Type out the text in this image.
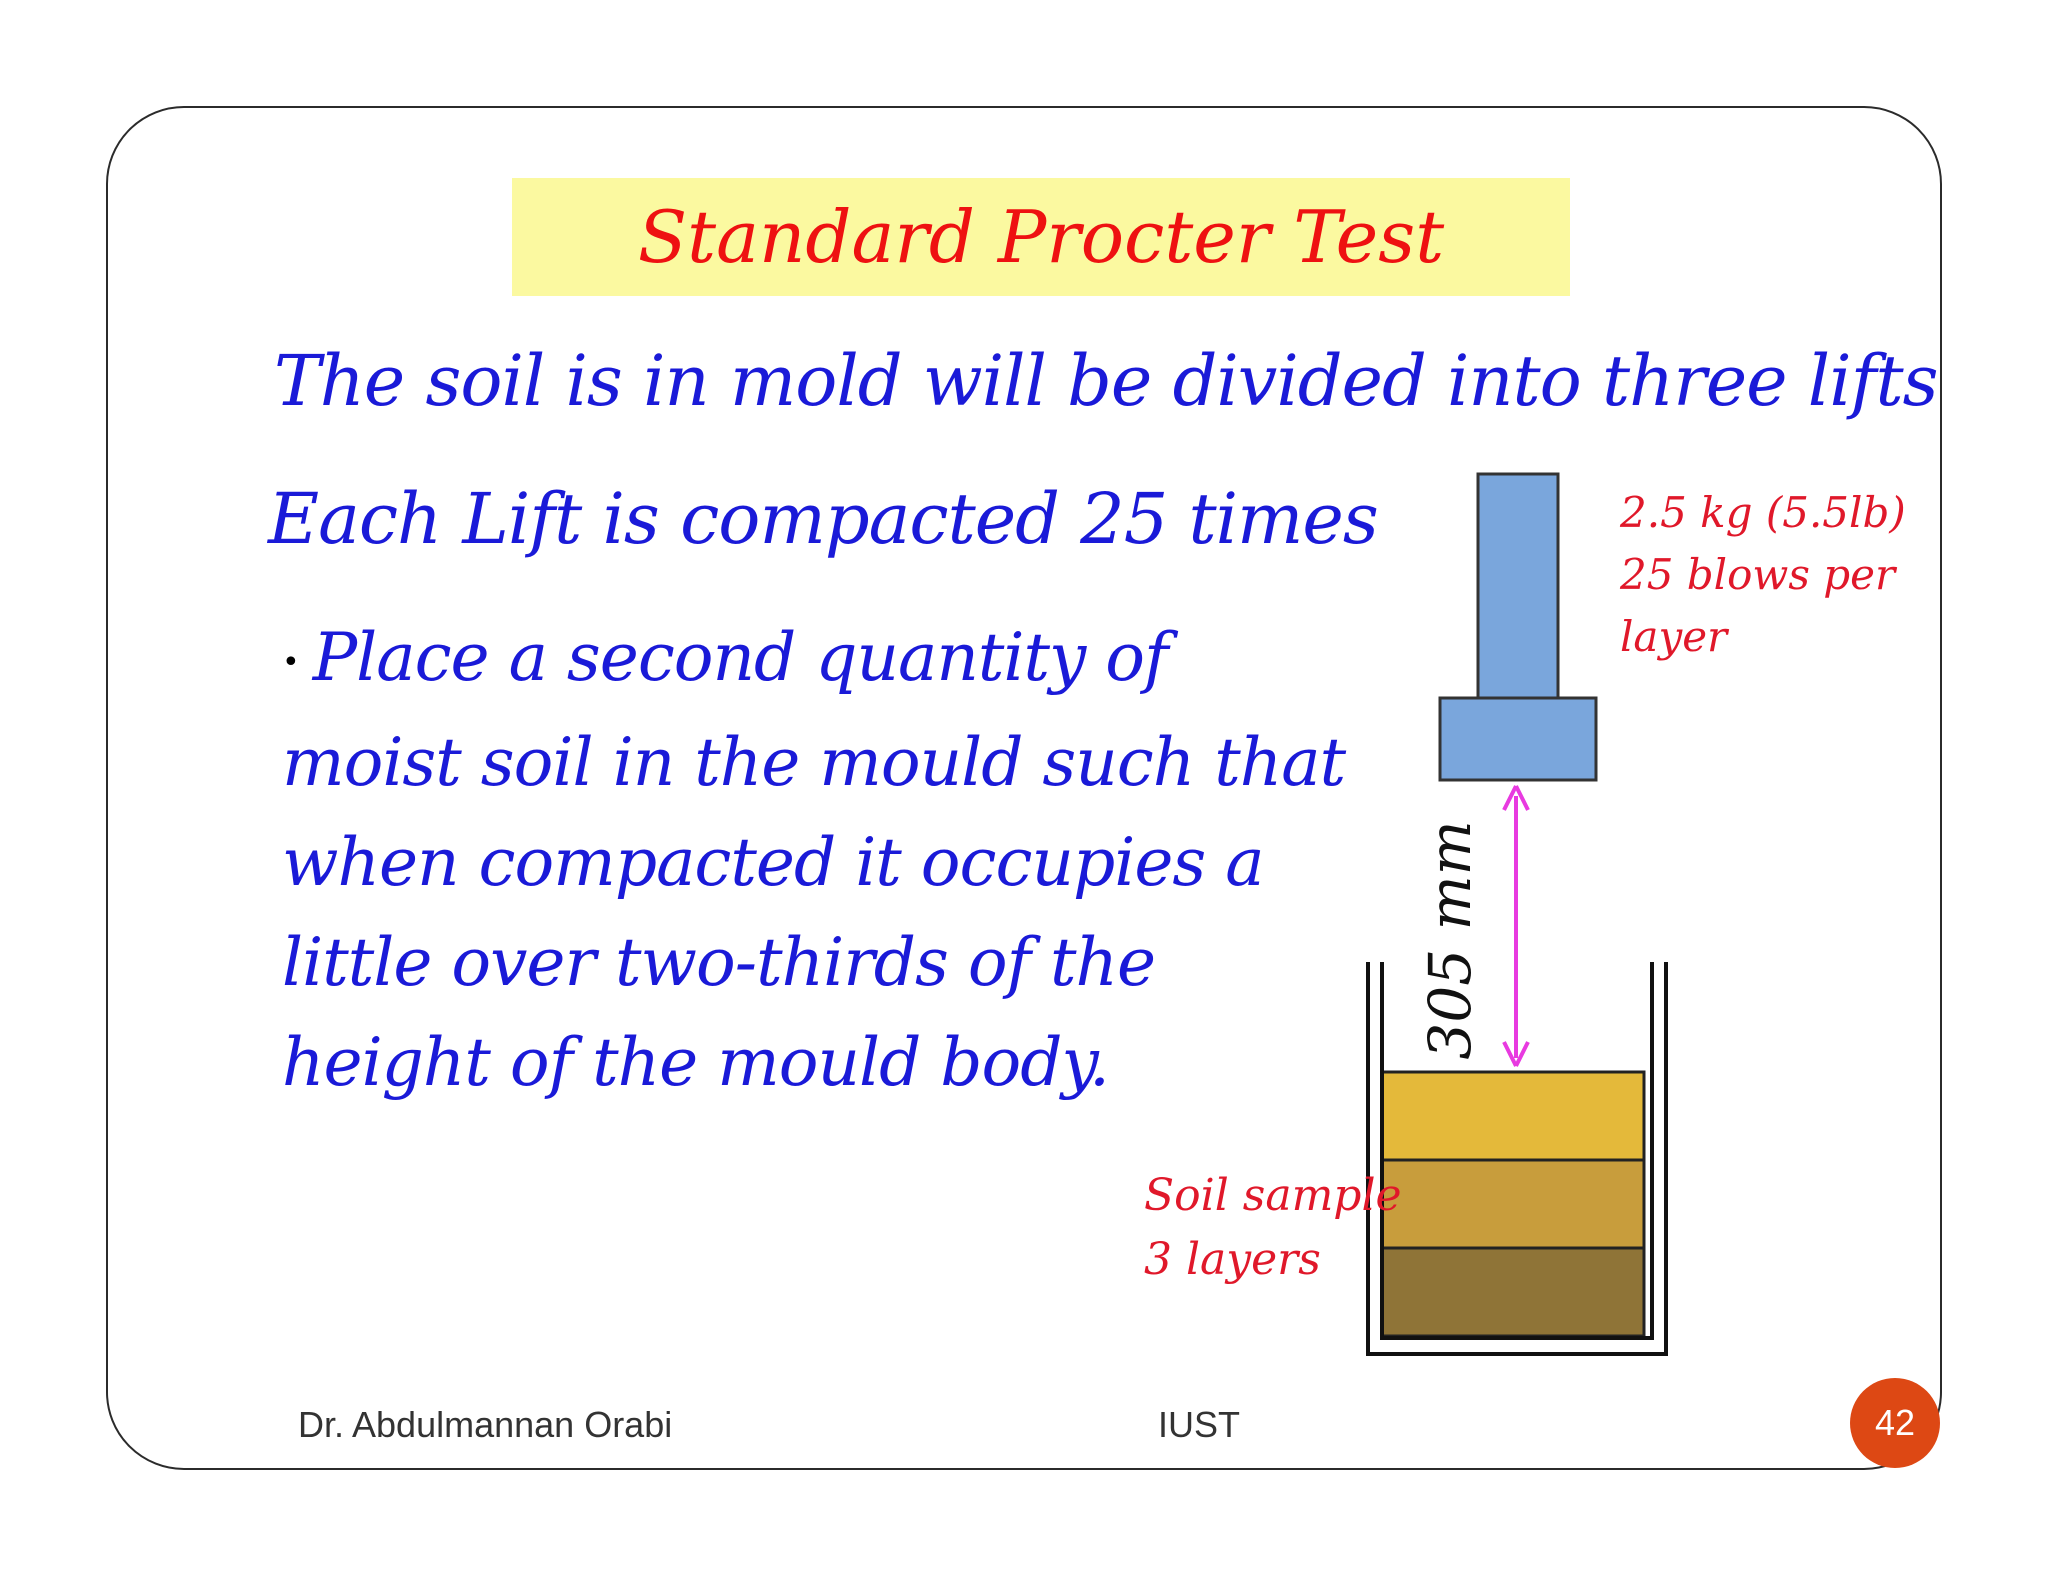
Standard Procter Test

The soil is in mold will be divided into three lifts

Each Lift is compacted 25 times

• Place a second quantity of
moist soil in the mould such that
when compacted it occupies a
little over two-thirds of the
height of the mould body.
305 mm
2.5 kg (5.5lb)
25 blows per
layer
Soil sample
3 layers
Dr. Abdulmannan Orabi	IUST	42
